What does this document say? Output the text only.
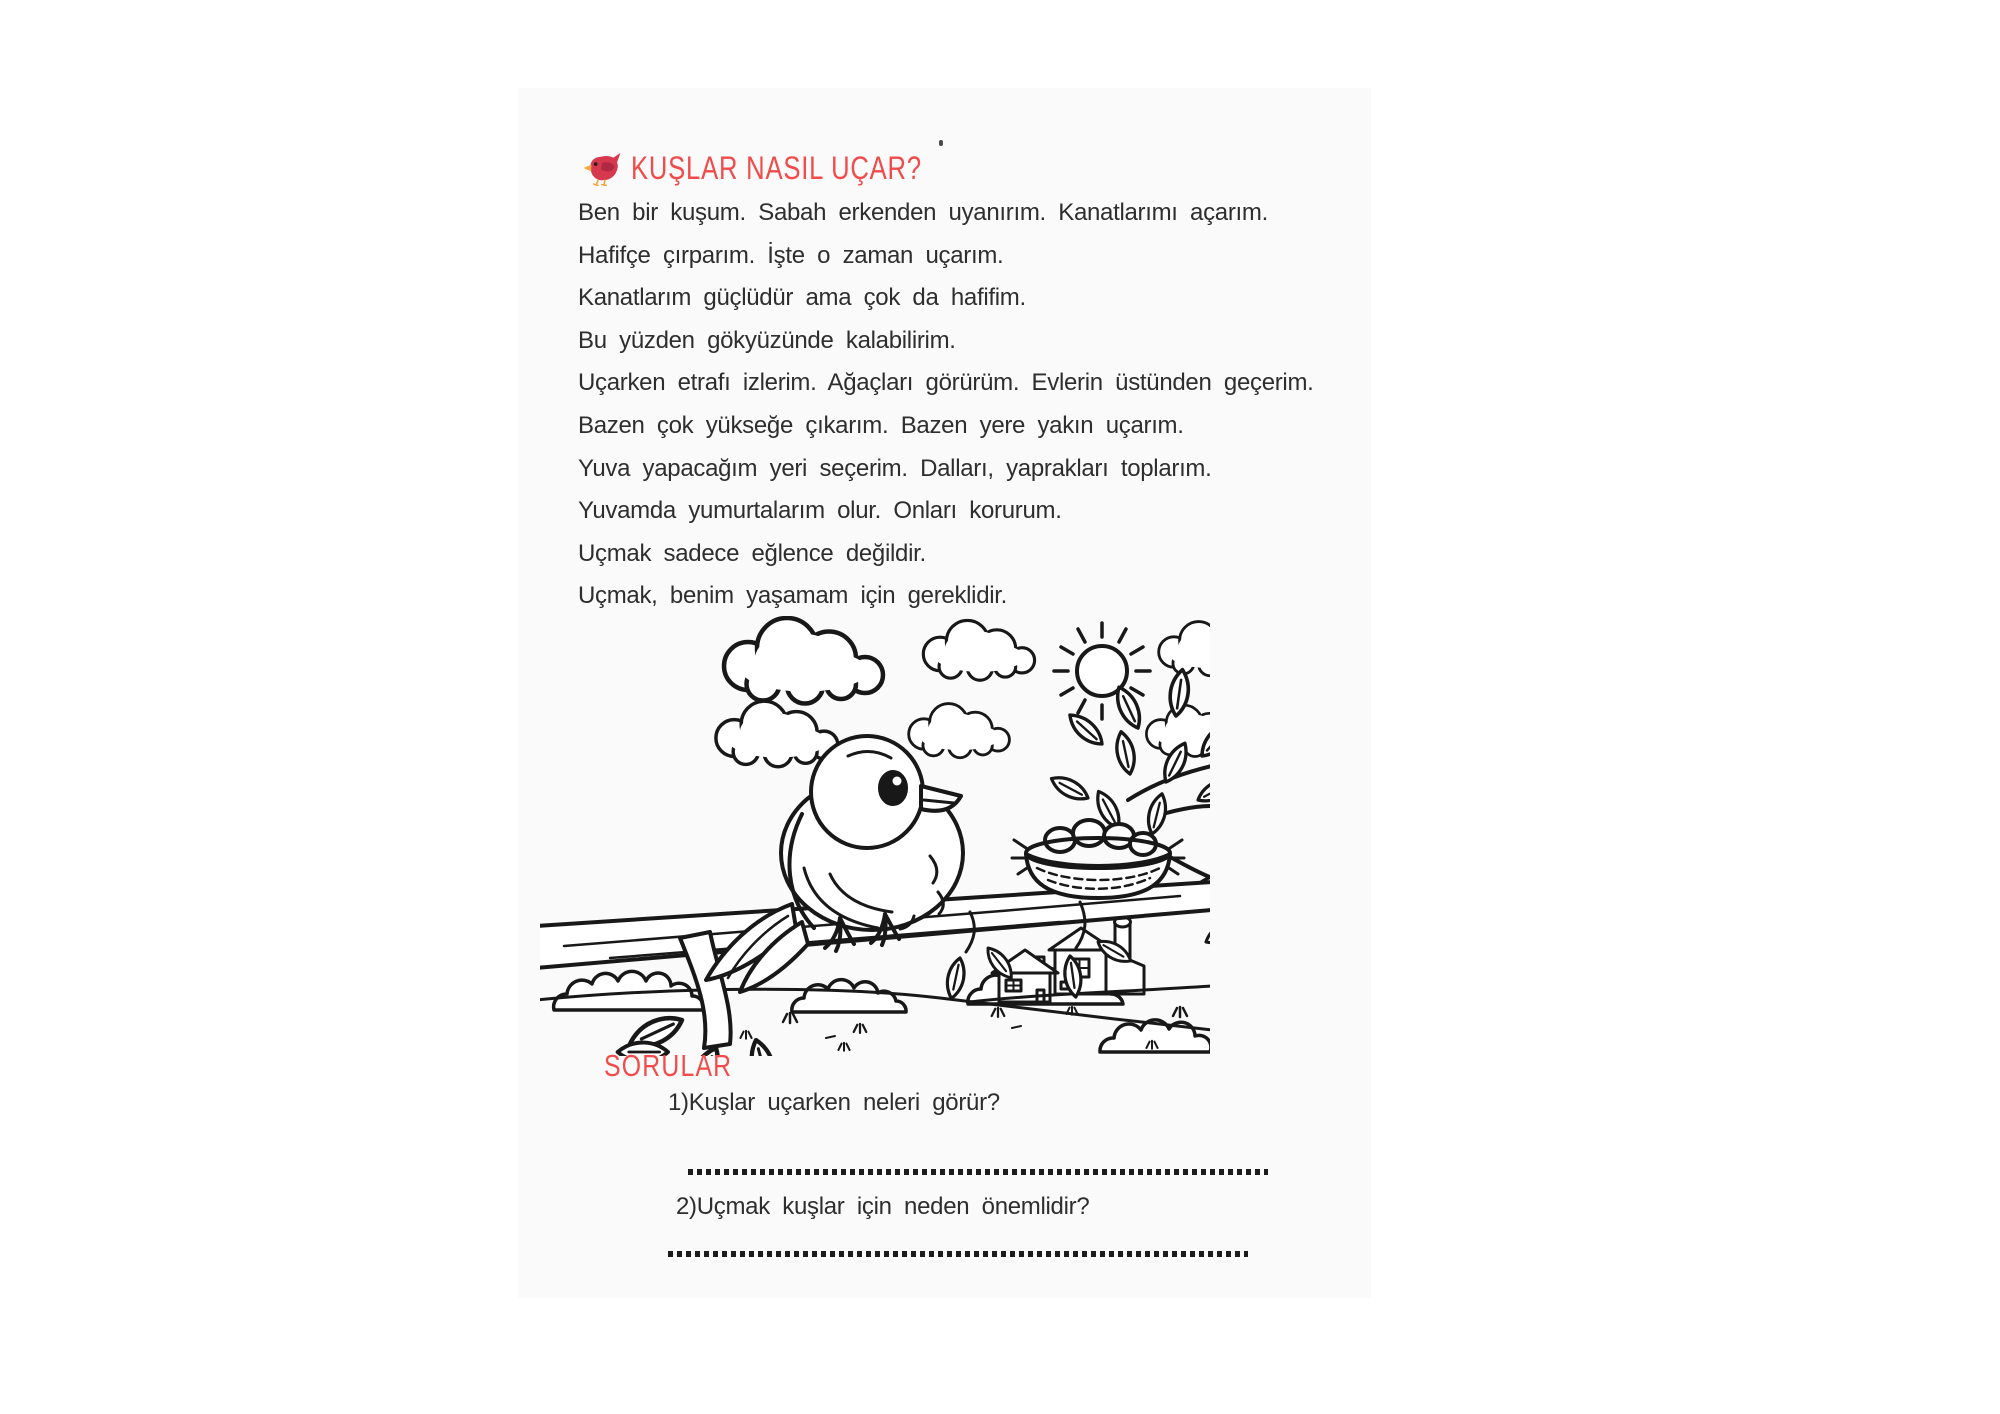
KUŞLAR NASIL UÇAR?

Ben bir kuşum. Sabah erkenden uyanırım. Kanatlarımı açarım.

Hafifçe çırparım. İşte o zaman uçarım.

Kanatlarım güçlüdür ama çok da hafifim.

Bu yüzden gökyüzünde kalabilirim.

Uçarken etrafı izlerim. Ağaçları görürüm. Evlerin üstünden geçerim.

Bazen çok yükseğe çıkarım. Bazen yere yakın uçarım.

Yuva yapacağım yeri seçerim. Dalları, yaprakları toplarım.

Yuvamda yumurtalarım olur. Onları korurum.

Uçmak sadece eğlence değildir.

Uçmak, benim yaşamam için gereklidir.

SORULAR

1)Kuşlar uçarken neleri görür?

2)Uçmak kuşlar için neden önemlidir?
